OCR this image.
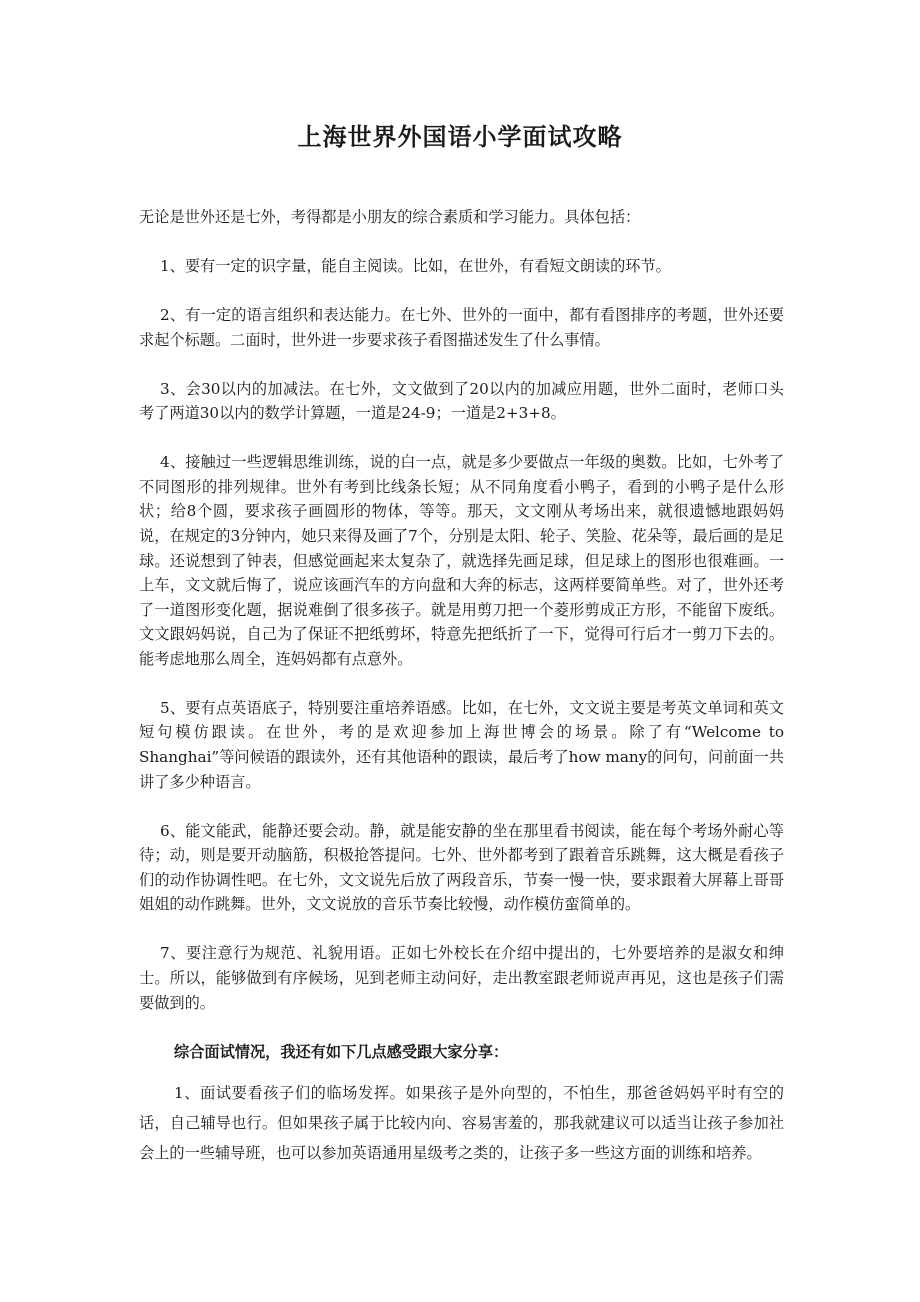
上海世界外国语小学面试攻略

无论是世外还是七外，考得都是小朋友的综合素质和学习能力。具体包括：

1、要有一定的识字量，能自主阅读。比如，在世外，有看短文朗读的环节。

2、有一定的语言组织和表达能力。在七外、世外的一面中，都有看图排序的考题，世外还要求起个标题。二面时，世外进一步要求孩子看图描述发生了什么事情。

3、会30以内的加减法。在七外，文文做到了20以内的加减应用题，世外二面时，老师口头考了两道30以内的数学计算题，一道是24-9；一道是2+3+8。

4、接触过一些逻辑思维训练，说的白一点，就是多少要做点一年级的奥数。比如，七外考了不同图形的排列规律。世外有考到比线条长短；从不同角度看小鸭子，看到的小鸭子是什么形状；给8个圆，要求孩子画圆形的物体，等等。那天，文文刚从考场出来，就很遗憾地跟妈妈说，在规定的3分钟内，她只来得及画了7个，分别是太阳、轮子、笑脸、花朵等，最后画的是足球。还说想到了钟表，但感觉画起来太复杂了，就选择先画足球，但足球上的图形也很难画。一上车，文文就后悔了，说应该画汽车的方向盘和大奔的标志，这两样要简单些。对了，世外还考了一道图形变化题，据说难倒了很多孩子。就是用剪刀把一个菱形剪成正方形，不能留下废纸。文文跟妈妈说，自己为了保证不把纸剪坏，特意先把纸折了一下，觉得可行后才一剪刀下去的。能考虑地那么周全，连妈妈都有点意外。

5、要有点英语底子，特别要注重培养语感。比如，在七外，文文说主要是考英文单词和英文短句模仿跟读。在世外，考的是欢迎参加上海世博会的场景。除了有“Welcome to Shanghai”等问候语的跟读外，还有其他语种的跟读，最后考了how many的问句，问前面一共讲了多少种语言。

6、能文能武，能静还要会动。静，就是能安静的坐在那里看书阅读，能在每个考场外耐心等待；动，则是要开动脑筋，积极抢答提问。七外、世外都考到了跟着音乐跳舞，这大概是看孩子们的动作协调性吧。在七外，文文说先后放了两段音乐，节奏一慢一快，要求跟着大屏幕上哥哥姐姐的动作跳舞。世外，文文说放的音乐节奏比较慢，动作模仿蛮简单的。

7、要注意行为规范、礼貌用语。正如七外校长在介绍中提出的，七外要培养的是淑女和绅士。所以，能够做到有序候场，见到老师主动问好，走出教室跟老师说声再见，这也是孩子们需要做到的。

综合面试情况，我还有如下几点感受跟大家分享：

1、面试要看孩子们的临场发挥。如果孩子是外向型的，不怕生，那爸爸妈妈平时有空的话，自己辅导也行。但如果孩子属于比较内向、容易害羞的，那我就建议可以适当让孩子参加社会上的一些辅导班，也可以参加英语通用星级考之类的，让孩子多一些这方面的训练和培养。
